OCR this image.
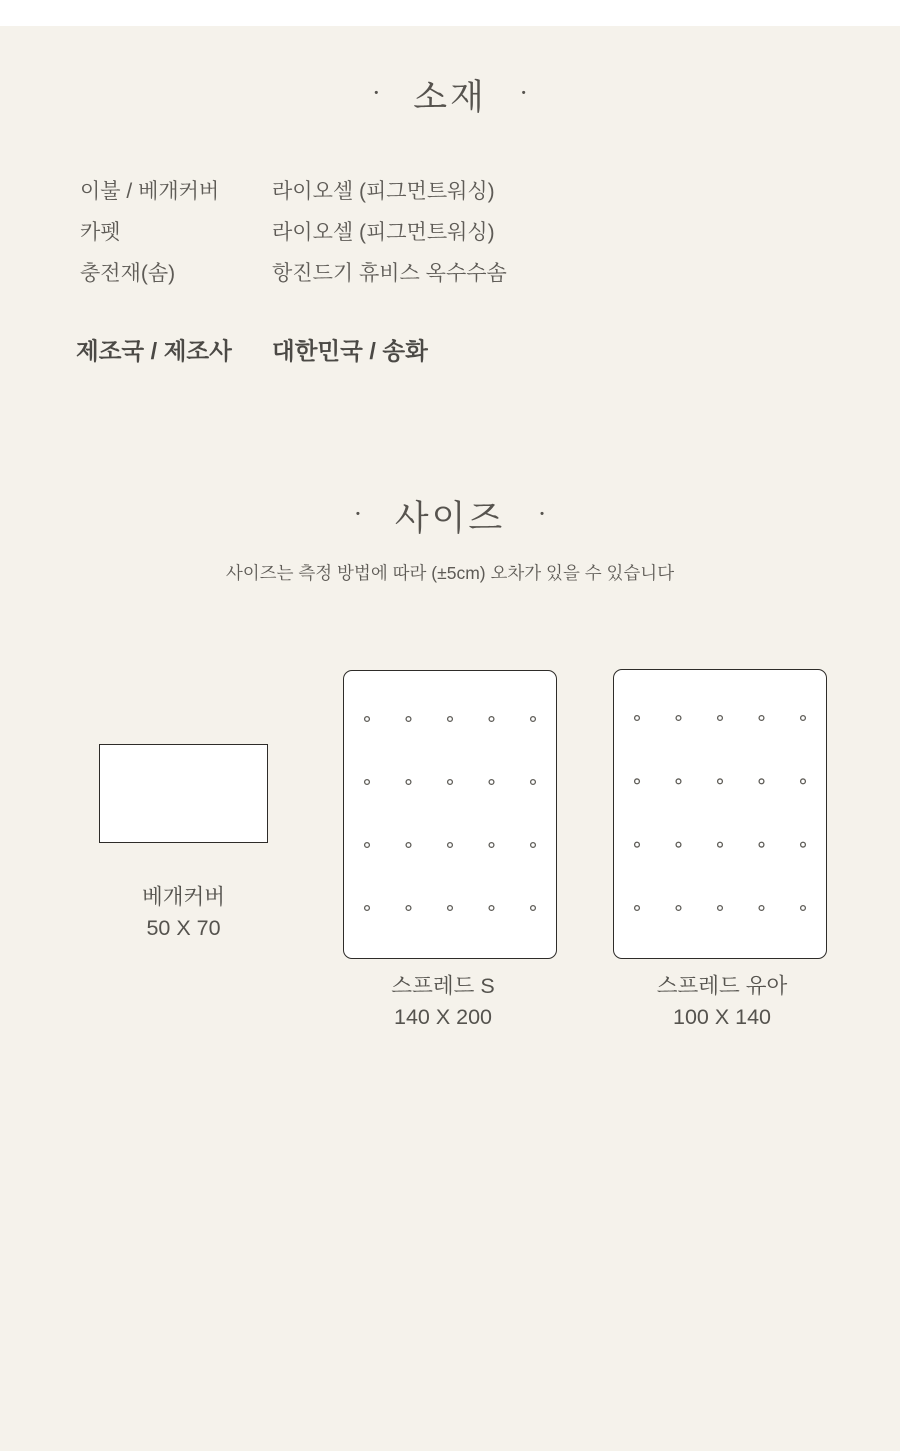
· 소재 ·
이불 / 베개커버	라이오셀 (피그먼트워싱)
카펫	라이오셀 (피그먼트워싱)
충전재(솜)	항진드기 휴비스 옥수수솜
제조국 / 제조사	대한민국 / 송화
· 사이즈 ·
사이즈는 측정 방법에 따라 (±5cm) 오차가 있을 수 있습니다
베개커버
50 X 70
스프레드 S
140 X 200
스프레드 유아
100 X 140
